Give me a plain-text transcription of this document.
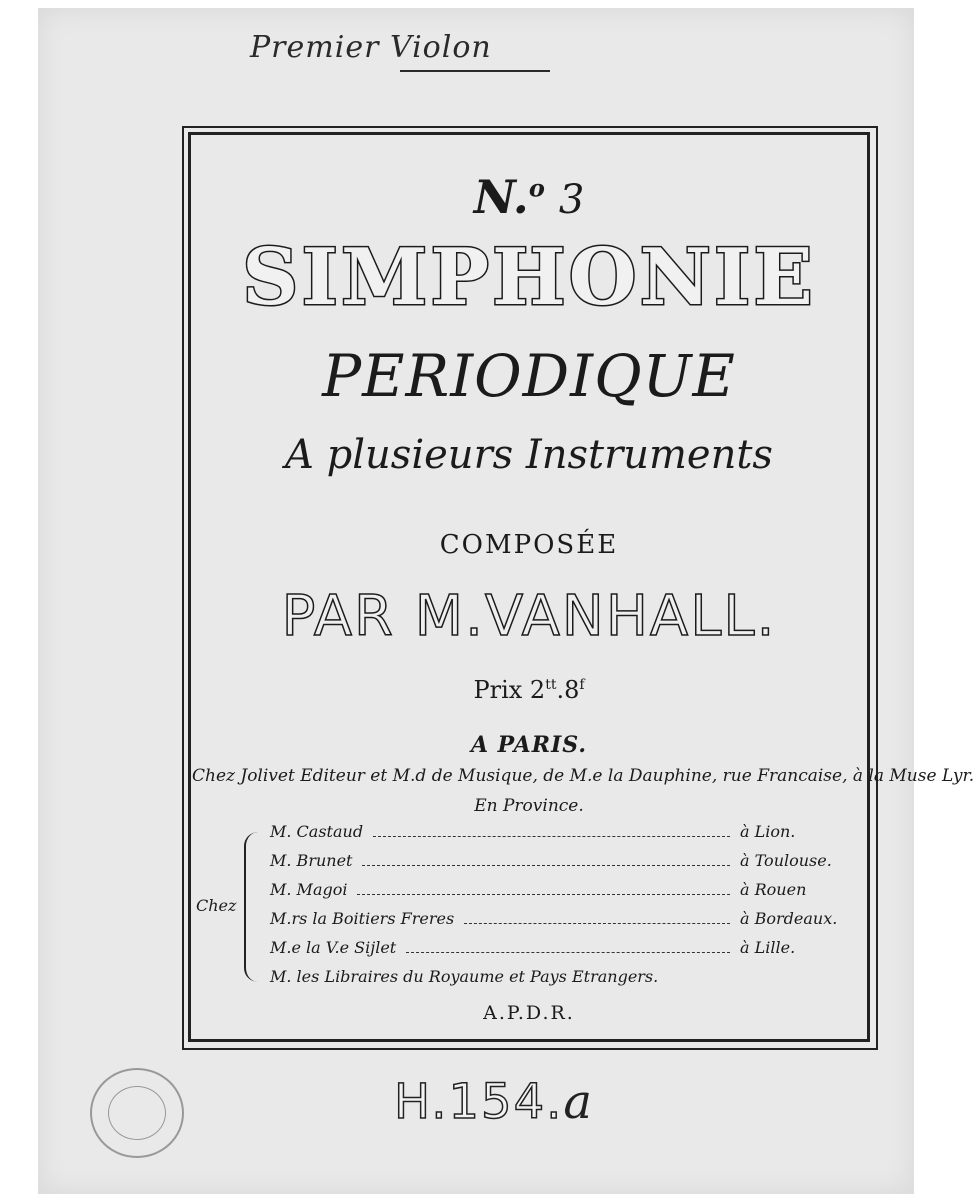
Premier Violon
N.$^o$ 3
SIMPHONIE
PERIODIQUE
A plusieurs Instruments
COMPOSÉE
PAR M.VANHALL.
Prix $2^{tt}.8^f$
A PARIS.
Chez Jolivet Editeur et M.d de Musique, de M.e la Dauphine, rue Francaise, à la Muse Lyr.
En Province.
Chez
M. Castaud	à Lion.
M. Brunet	à Toulouse.
M. Magoi	à Rouen
M.rs la Boitiers Freres	à Bordeaux.
M.e la V.e Sijlet	à Lille.
M. les Libraires du Royaume et Pays Etrangers.
A.P.D.R.
H.154.a
